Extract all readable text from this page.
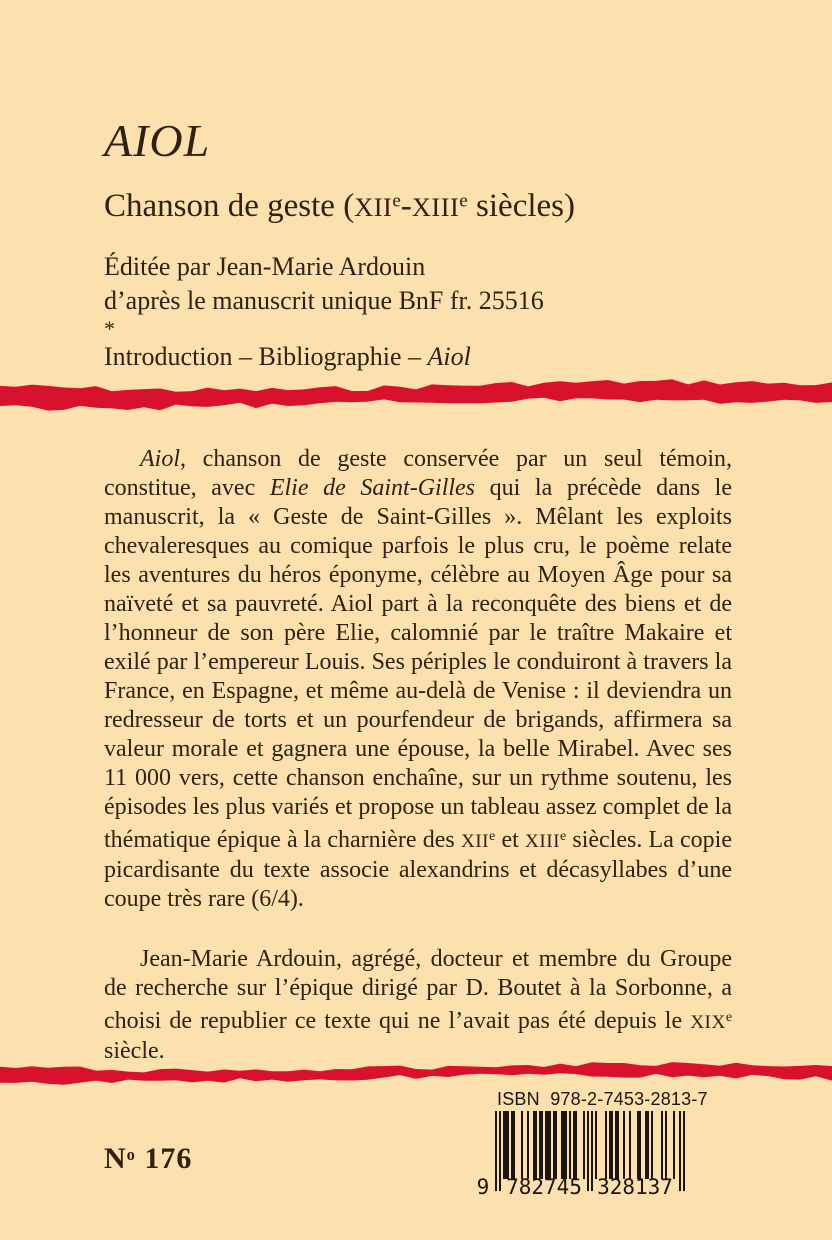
AIOL
Chanson de geste (XIIe-XIIIe siècles)
Éditée par Jean-Marie Ardouin
d’après le manuscrit unique BnF fr. 25516
*
Introduction – Bibliographie – Aiol

Aiol, chanson de geste conservée par un seul témoin, constitue, avec Elie de Saint-Gilles qui la précède dans le manuscrit, la « Geste de Saint-Gilles ». Mêlant les exploits chevaleresques au comique parfois le plus cru, le poème relate les aventures du héros éponyme, célèbre au Moyen Âge pour sa naïveté et sa pauvreté. Aiol part à la reconquête des biens et de l’honneur de son père Elie, calomnié par le traître Makaire et exilé par l’empereur Louis. Ses périples le conduiront à travers la France, en Espagne, et même au-delà de Venise : il deviendra un redresseur de torts et un pourfendeur de brigands, affirmera sa valeur morale et gagnera une épouse, la belle Mirabel. Avec ses 11 000 vers, cette chanson enchaîne, sur un rythme soutenu, les épisodes les plus variés et propose un tableau assez complet de la thématique épique à la charnière des XIIe et XIIIe siècles. La copie picardisante du texte associe alexandrins et décasyllabes d’une coupe très rare (6/4).

Jean-Marie Ardouin, agrégé, docteur et membre du Groupe de recherche sur l’épique dirigé par D. Boutet à la Sorbonne, a choisi de republier ce texte qui ne l’avait pas été depuis le XIXe siècle.

ISBN  978-2-7453-2813-7
9 782745 328137
$N^o$ 176
